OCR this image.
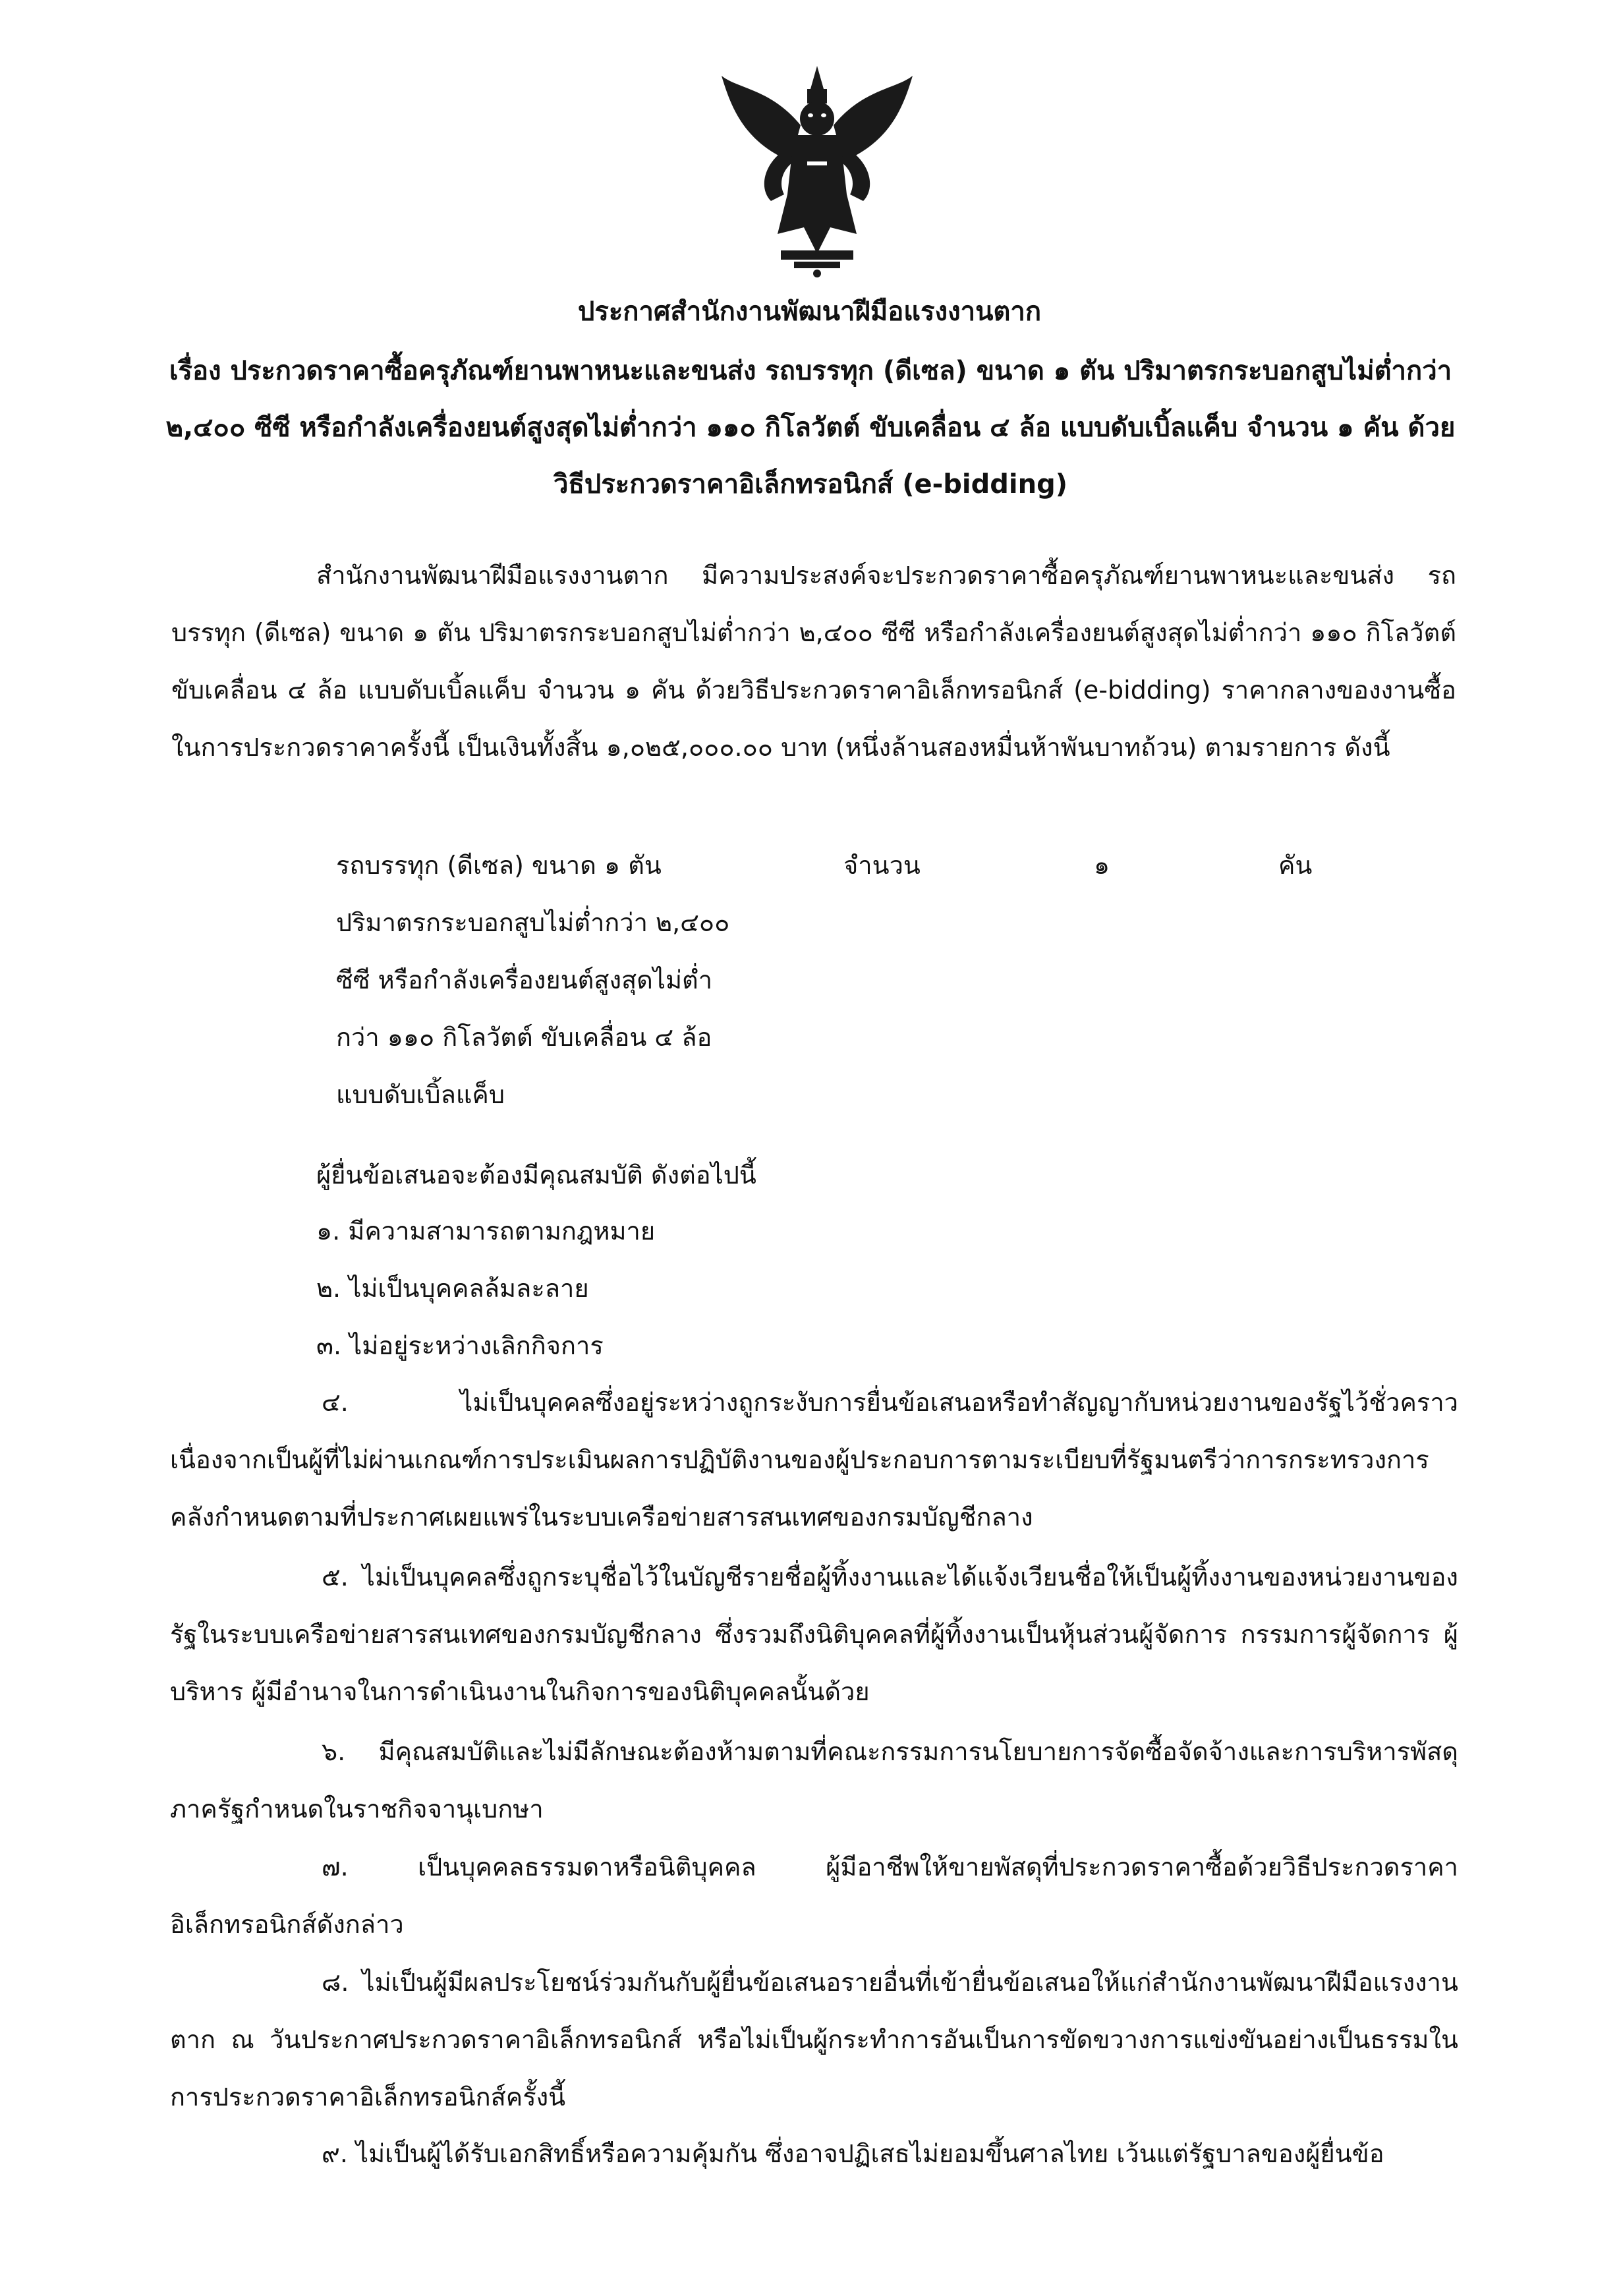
ประกาศสำนักงานพัฒนาฝีมือแรงงานตาก
เรื่อง ประกวดราคาซื้อครุภัณฑ์ยานพาหนะและขนส่ง รถบรรทุก (ดีเซล) ขนาด ๑ ตัน ปริมาตรกระบอกสูบไม่ต่ำกว่า ๒,๔๐๐ ซีซี หรือกำลังเครื่องยนต์สูงสุดไม่ต่ำกว่า ๑๑๐ กิโลวัตต์ ขับเคลื่อน ๔ ล้อ แบบดับเบิ้ลแค็บ จำนวน ๑ คัน ด้วยวิธีประกวดราคาอิเล็กทรอนิกส์ (e-bidding)
สำนักงานพัฒนาฝีมือแรงงานตาก มีความประสงค์จะประกวดราคาซื้อครุภัณฑ์ยานพาหนะและขนส่ง รถบรรทุก (ดีเซล) ขนาด ๑ ตัน ปริมาตรกระบอกสูบไม่ต่ำกว่า ๒,๔๐๐ ซีซี หรือกำลังเครื่องยนต์สูงสุดไม่ต่ำกว่า ๑๑๐ กิโลวัตต์ ขับเคลื่อน ๔ ล้อ แบบดับเบิ้ลแค็บ จำนวน ๑ คัน ด้วยวิธีประกวดราคาอิเล็กทรอนิกส์ (e-bidding) ราคากลางของงานซื้อในการประกวดราคาครั้งนี้ เป็นเงินทั้งสิ้น ๑,๐๒๕,๐๐๐.๐๐ บาท (หนึ่งล้านสองหมื่นห้าพันบาทถ้วน) ตามรายการ ดังนี้
รถบรรทุก (ดีเซล) ขนาด ๑ ตัน
ปริมาตรกระบอกสูบไม่ต่ำกว่า ๒,๔๐๐
ซีซี หรือกำลังเครื่องยนต์สูงสุดไม่ต่ำ
กว่า ๑๑๐ กิโลวัตต์ ขับเคลื่อน ๔ ล้อ
แบบดับเบิ้ลแค็บ
จำนวน	๑	คัน
ผู้ยื่นข้อเสนอจะต้องมีคุณสมบัติ ดังต่อไปนี้
๑. มีความสามารถตามกฎหมาย
๒. ไม่เป็นบุคคลล้มละลาย
๓. ไม่อยู่ระหว่างเลิกกิจการ
๔. ไม่เป็นบุคคลซึ่งอยู่ระหว่างถูกระงับการยื่นข้อเสนอหรือทำสัญญากับหน่วยงานของรัฐไว้ชั่วคราว เนื่องจากเป็นผู้ที่ไม่ผ่านเกณฑ์การประเมินผลการปฏิบัติงานของผู้ประกอบการตามระเบียบที่รัฐมนตรีว่าการกระทรวงการคลังกำหนดตามที่ประกาศเผยแพร่ในระบบเครือข่ายสารสนเทศของกรมบัญชีกลาง
๕. ไม่เป็นบุคคลซึ่งถูกระบุชื่อไว้ในบัญชีรายชื่อผู้ทิ้งงานและได้แจ้งเวียนชื่อให้เป็นผู้ทิ้งงานของหน่วยงานของรัฐในระบบเครือข่ายสารสนเทศของกรมบัญชีกลาง ซึ่งรวมถึงนิติบุคคลที่ผู้ทิ้งงานเป็นหุ้นส่วนผู้จัดการ กรรมการผู้จัดการ ผู้บริหาร ผู้มีอำนาจในการดำเนินงานในกิจการของนิติบุคคลนั้นด้วย
๖. มีคุณสมบัติและไม่มีลักษณะต้องห้ามตามที่คณะกรรมการนโยบายการจัดซื้อจัดจ้างและการบริหารพัสดุภาครัฐกำหนดในราชกิจจานุเบกษา
๗. เป็นบุคคลธรรมดาหรือนิติบุคคล ผู้มีอาชีพให้ขายพัสดุที่ประกวดราคาซื้อด้วยวิธีประกวดราคาอิเล็กทรอนิกส์ดังกล่าว
๘. ไม่เป็นผู้มีผลประโยชน์ร่วมกันกับผู้ยื่นข้อเสนอรายอื่นที่เข้ายื่นข้อเสนอให้แก่สำนักงานพัฒนาฝีมือแรงงานตาก ณ วันประกาศประกวดราคาอิเล็กทรอนิกส์ หรือไม่เป็นผู้กระทำการอันเป็นการขัดขวางการแข่งขันอย่างเป็นธรรมในการประกวดราคาอิเล็กทรอนิกส์ครั้งนี้
๙. ไม่เป็นผู้ได้รับเอกสิทธิ์หรือความคุ้มกัน ซึ่งอาจปฏิเสธไม่ยอมขึ้นศาลไทย เว้นแต่รัฐบาลของผู้ยื่นข้อ
